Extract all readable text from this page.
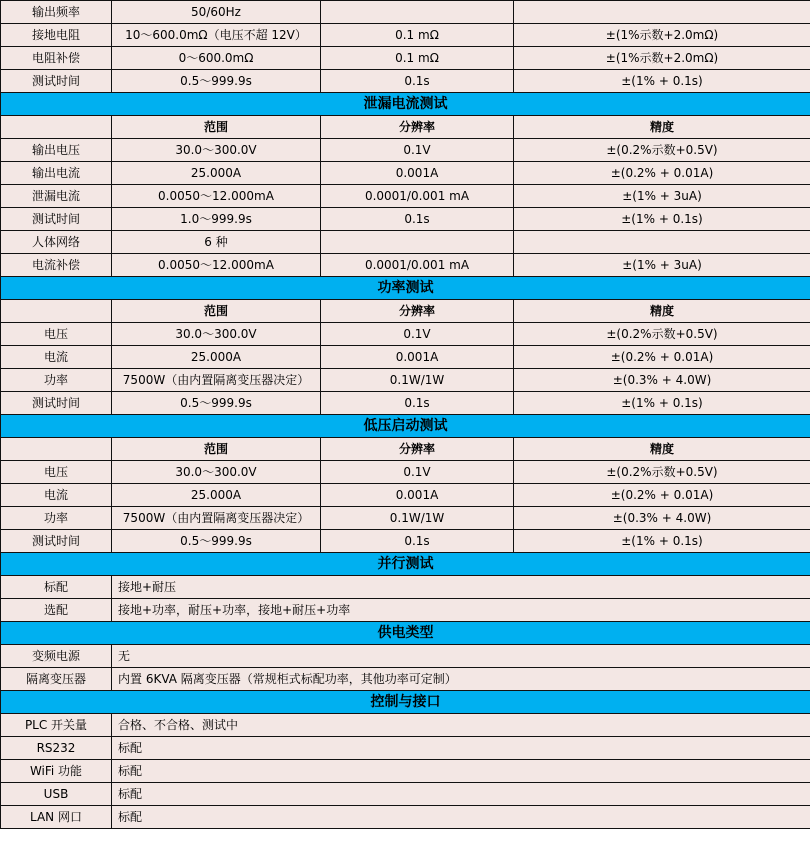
输出频率	50/60Hz		
接地电阻	10～600.0mΩ（电压不超 12V）	0.1 mΩ	±(1%示数+2.0mΩ)
电阻补偿	0～600.0mΩ	0.1 mΩ	±(1%示数+2.0mΩ)
测试时间	0.5～999.9s	0.1s	±(1% + 0.1s)
泄漏电流测试			
	范围	分辨率	精度
输出电压	30.0～300.0V	0.1V	±(0.2%示数+0.5V)
输出电流	25.000A	0.001A	±(0.2% + 0.01A)
泄漏电流	0.0050～12.000mA	0.0001/0.001 mA	±(1% + 3uA)
测试时间	1.0～999.9s	0.1s	±(1% + 0.1s)
人体网络	6 种		
电流补偿	0.0050～12.000mA	0.0001/0.001 mA	±(1% + 3uA)
功率测试			
	范围	分辨率	精度
电压	30.0～300.0V	0.1V	±(0.2%示数+0.5V)
电流	25.000A	0.001A	±(0.2% + 0.01A)
功率	7500W（由内置隔离变压器决定）	0.1W/1W	±(0.3% + 4.0W)
测试时间	0.5～999.9s	0.1s	±(1% + 0.1s)
低压启动测试			
	范围	分辨率	精度
电压	30.0～300.0V	0.1V	±(0.2%示数+0.5V)
电流	25.000A	0.001A	±(0.2% + 0.01A)
功率	7500W（由内置隔离变压器决定）	0.1W/1W	±(0.3% + 4.0W)
测试时间	0.5～999.9s	0.1s	±(1% + 0.1s)
并行测试			
标配	接地+耐压		
选配	接地+功率，耐压+功率，接地+耐压+功率		
供电类型			
变频电源	无		
隔离变压器	内置 6KVA 隔离变压器（常规柜式标配功率，其他功率可定制）		
控制与接口			
PLC 开关量	合格、不合格、测试中		
RS232	标配		
WiFi 功能	标配		
USB	标配		
LAN 网口	标配		
